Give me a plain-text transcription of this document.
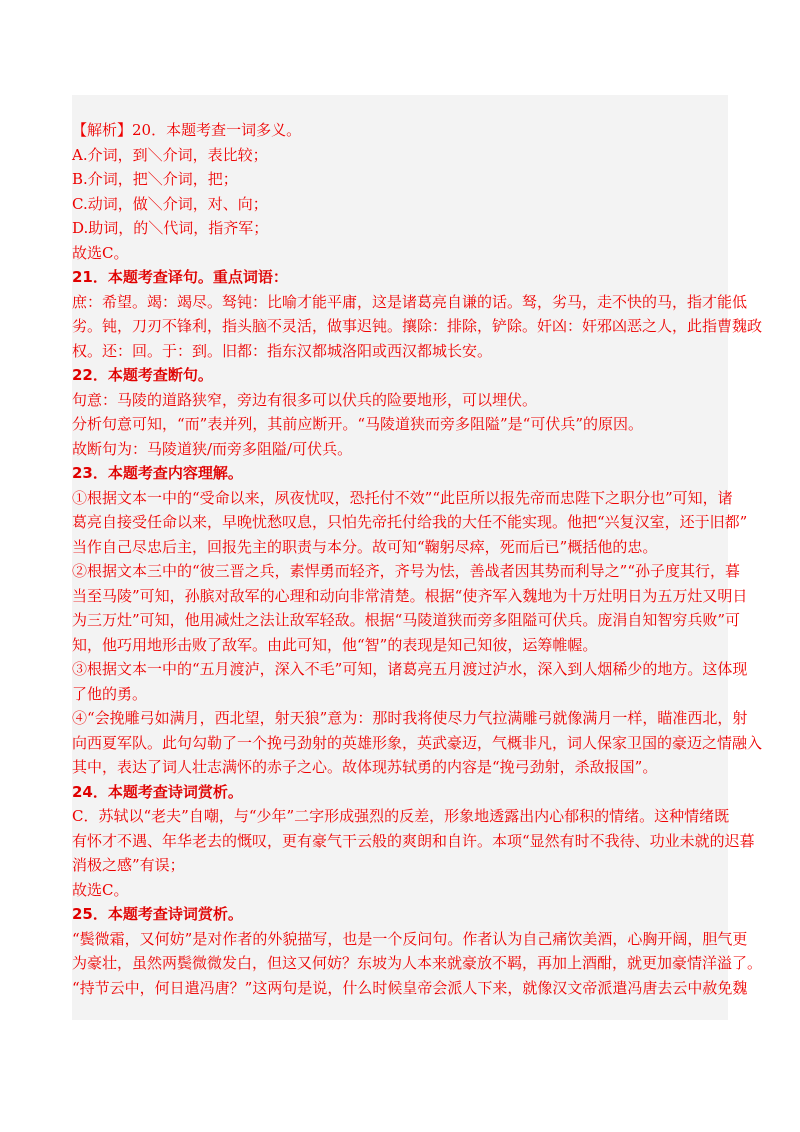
【解析】20．本题考查一词多义。

A.介词，到＼介词，表比较；

B.介词，把＼介词，把；

C.动词，做＼介词，对、向；

D.助词，的＼代词，指齐军；

故选C。

21．本题考查译句。重点词语：

庶：希望。竭：竭尽。驽钝：比喻才能平庸，这是诸葛亮自谦的话。驽，劣马，走不快的马，指才能低

劣。钝，刀刃不锋利，指头脑不灵活，做事迟钝。攘除：排除，铲除。奸凶：奸邪凶恶之人，此指曹魏政

权。还：回。于：到。旧都：指东汉都城洛阳或西汉都城长安。

22．本题考查断句。

句意：马陵的道路狭窄，旁边有很多可以伏兵的险要地形，可以埋伏。

分析句意可知，“而”表并列，其前应断开。“马陵道狭而旁多阻隘”是“可伏兵”的原因。

故断句为：马陵道狭/而旁多阻隘/可伏兵。

23．本题考查内容理解。

①根据文本一中的“受命以来，夙夜忧叹，恐托付不效”“此臣所以报先帝而忠陛下之职分也”可知，诸

葛亮自接受任命以来，早晚忧愁叹息，只怕先帝托付给我的大任不能实现。他把“兴复汉室，还于旧都”

当作自己尽忠后主，回报先主的职责与本分。故可知“鞠躬尽瘁，死而后已”概括他的忠。

②根据文本三中的“彼三晋之兵，素悍勇而轻齐，齐号为怯，善战者因其势而利导之”“孙子度其行，暮

当至马陵”可知，孙膑对敌军的心理和动向非常清楚。根据“使齐军入魏地为十万灶明日为五万灶又明日

为三万灶”可知，他用减灶之法让敌军轻敌。根据“马陵道狭而旁多阻隘可伏兵。庞涓自知智穷兵败”可

知，他巧用地形击败了敌军。由此可知，他“智”的表现是知己知彼，运筹帷幄。

③根据文本一中的“五月渡泸，深入不毛”可知，诸葛亮五月渡过泸水，深入到人烟稀少的地方。这体现

了他的勇。

④“会挽雕弓如满月，西北望，射天狼”意为：那时我将使尽力气拉满雕弓就像满月一样，瞄准西北，射

向西夏军队。此句勾勒了一个挽弓劲射的英雄形象，英武豪迈，气概非凡，词人保家卫国的豪迈之情融入

其中，表达了词人壮志满怀的赤子之心。故体现苏轼勇的内容是“挽弓劲射，杀敌报国”。

24．本题考查诗词赏析。

C．苏轼以“老夫”自嘲，与“少年”二字形成强烈的反差，形象地透露出内心郁积的情绪。这种情绪既

有怀才不遇、年华老去的慨叹，更有豪气干云般的爽朗和自许。本项“显然有时不我待、功业未就的迟暮

消极之感”有误；

故选C。

25．本题考查诗词赏析。

“鬓微霜，又何妨”是对作者的外貌描写，也是一个反问句。作者认为自己痛饮美酒，心胸开阔，胆气更

为豪壮，虽然两鬓微微发白，但这又何妨？东坡为人本来就豪放不羁，再加上酒酣，就更加豪情洋溢了。

“持节云中，何日遣冯唐？”这两句是说，什么时候皇帝会派人下来，就像汉文帝派遣冯唐去云中赦免魏
